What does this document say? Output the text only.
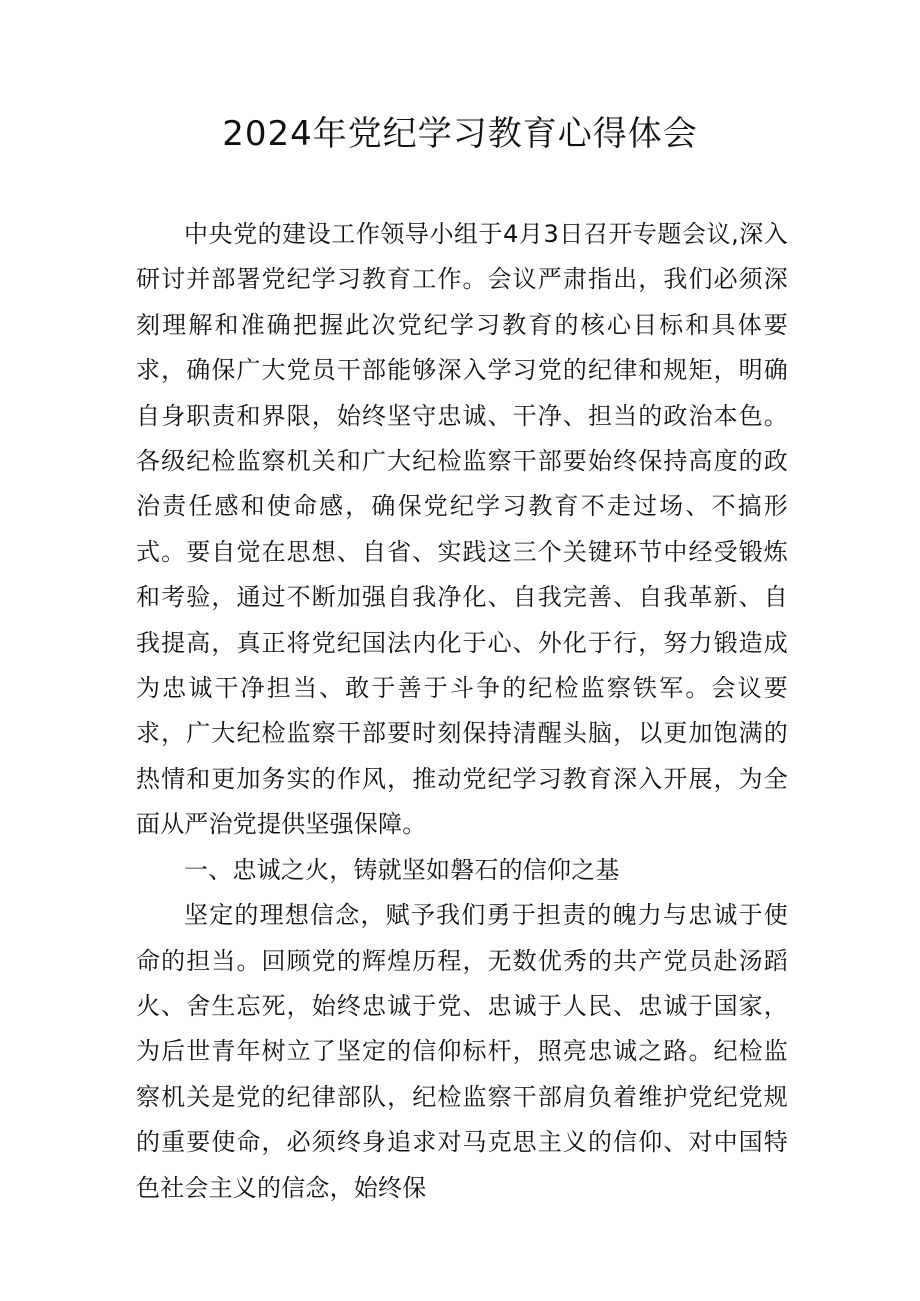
2024年党纪学习教育心得体会

中央党的建设工作领导小组于4月3日召开专题会议,深入研讨并部署党纪学习教育工作。会议严肃指出，我们必须深刻理解和准确把握此次党纪学习教育的核心目标和具体要求，确保广大党员干部能够深入学习党的纪律和规矩，明确自身职责和界限，始终坚守忠诚、干净、担当的政治本色。各级纪检监察机关和广大纪检监察干部要始终保持高度的政治责任感和使命感，确保党纪学习教育不走过场、不搞形式。要自觉在思想、自省、实践这三个关键环节中经受锻炼和考验，通过不断加强自我净化、自我完善、自我革新、自我提高，真正将党纪国法内化于心、外化于行，努力锻造成为忠诚干净担当、敢于善于斗争的纪检监察铁军。会议要求，广大纪检监察干部要时刻保持清醒头脑，以更加饱满的热情和更加务实的作风，推动党纪学习教育深入开展，为全面从严治党提供坚强保障。

一、忠诚之火，铸就坚如磐石的信仰之基

坚定的理想信念，赋予我们勇于担责的魄力与忠诚于使命的担当。回顾党的辉煌历程，无数优秀的共产党员赴汤蹈火、舍生忘死，始终忠诚于党、忠诚于人民、忠诚于国家，为后世青年树立了坚定的信仰标杆，照亮忠诚之路。纪检监察机关是党的纪律部队，纪检监察干部肩负着维护党纪党规的重要使命，必须终身追求对马克思主义的信仰、对中国特色社会主义的信念，始终保
